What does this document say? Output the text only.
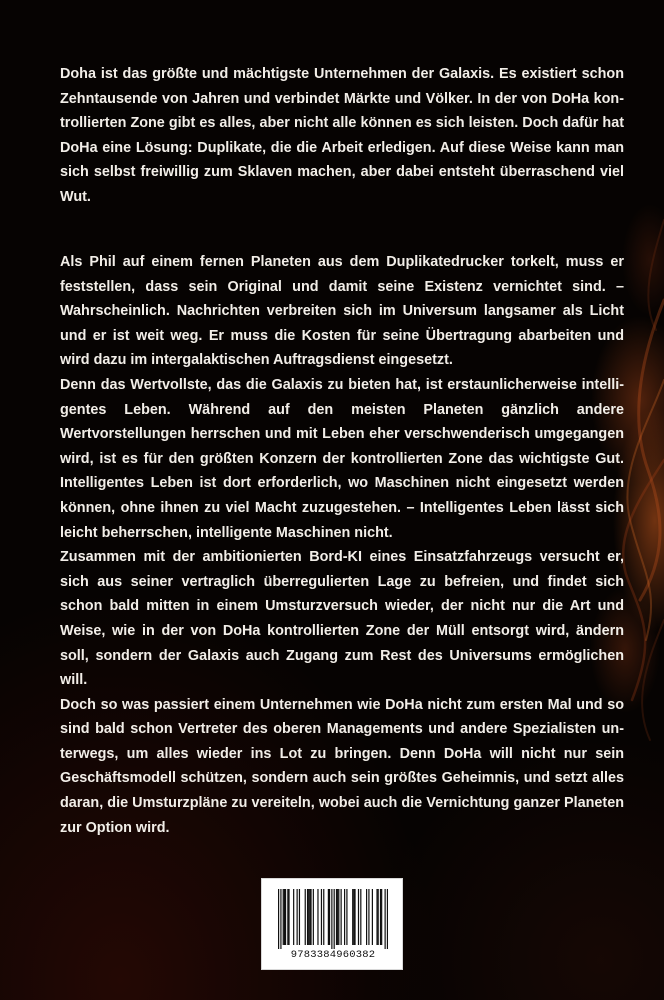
Doha ist das größte und mächtigste Unternehmen der Galaxis. Es existiert schon Zehntausende von Jahren und verbindet Märkte und Völker. In der von DoHa kontrollierten Zone gibt es alles, aber nicht alle können es sich leisten. Doch dafür hat DoHa eine Lösung: Duplikate, die die Arbeit erledigen. Auf diese Weise kann man sich selbst freiwillig zum Sklaven machen, aber dabei entsteht überraschend viel Wut.

Als Phil auf einem fernen Planeten aus dem Duplikatedrucker torkelt, muss er feststellen, dass sein Original und damit seine Existenz vernichtet sind. – Wahrscheinlich. Nachrichten verbreiten sich im Universum langsamer als Licht und er ist weit weg. Er muss die Kosten für seine Übertragung abarbeiten und wird dazu im intergalaktischen Auftragsdienst eingesetzt.

Denn das Wertvollste, das die Galaxis zu bieten hat, ist erstaunlicherweise intelligentes Leben. Während auf den meisten Planeten gänzlich andere Wertvorstellungen herrschen und mit Leben eher verschwenderisch umgegangen wird, ist es für den größten Konzern der kontrollierten Zone das wichtigste Gut. Intelligentes Leben ist dort erforderlich, wo Maschinen nicht eingesetzt werden können, ohne ihnen zu viel Macht zuzugestehen. – Intelligentes Leben lässt sich leicht beherrschen, intelligente Maschinen nicht.

Zusammen mit der ambitionierten Bord-KI eines Einsatzfahrzeugs versucht er, sich aus seiner vertraglich überregulierten Lage zu befreien, und findet sich schon bald mitten in einem Umsturzversuch wieder, der nicht nur die Art und Weise, wie in der von DoHa kontrollierten Zone der Müll entsorgt wird, ändern soll, sondern der Galaxis auch Zugang zum Rest des Universums ermöglichen will.

Doch so was passiert einem Unternehmen wie DoHa nicht zum ersten Mal und so sind bald schon Vertreter des oberen Managements und andere Spezialisten unterwegs, um alles wieder ins Lot zu bringen. Denn DoHa will nicht nur sein Geschäftsmodell schützen, sondern auch sein größtes Geheimnis, und setzt alles daran, die Umsturzpläne zu vereiteln, wobei auch die Vernichtung ganzer Planeten zur Option wird.

9783384960382
